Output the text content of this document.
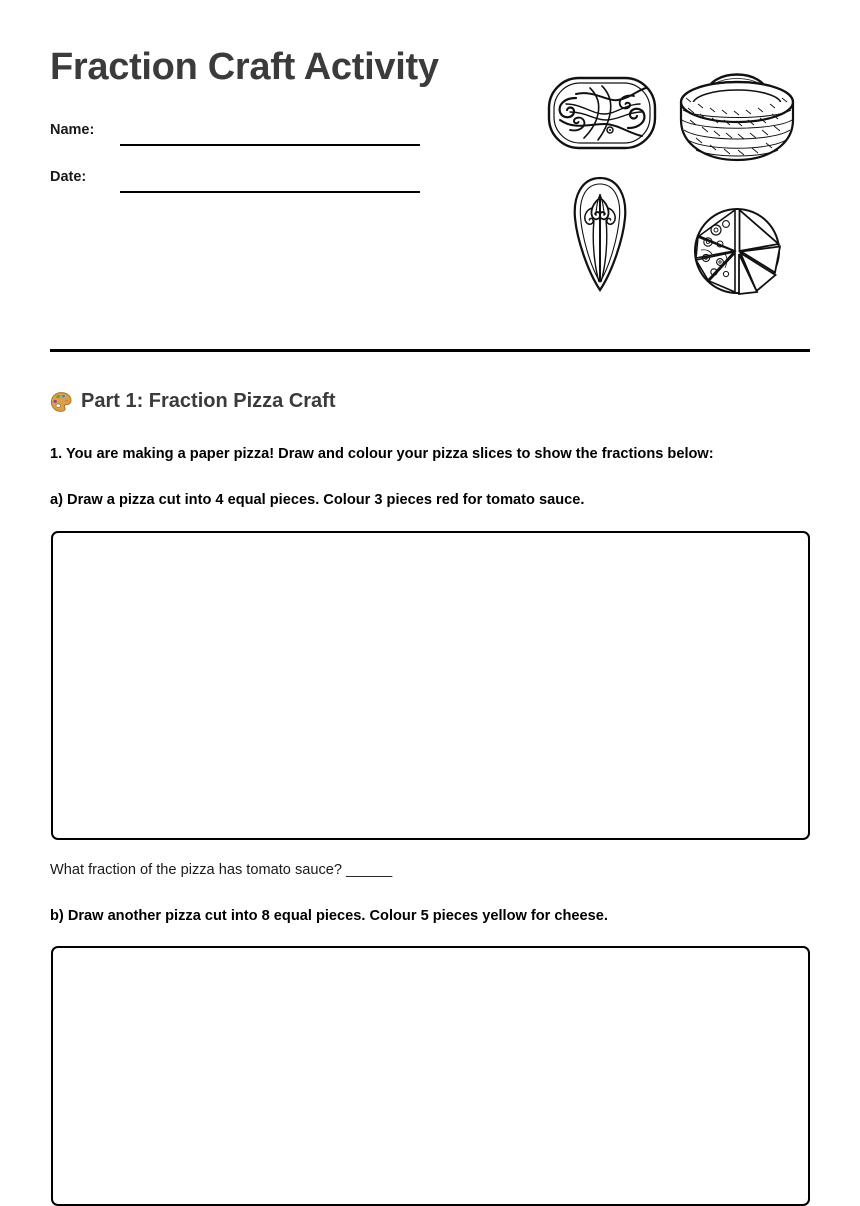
Fraction Craft Activity
Name:
Date:
Part 1: Fraction Pizza Craft
1. You are making a paper pizza! Draw and colour your pizza slices to show the fractions below:
a) Draw a pizza cut into 4 equal pieces. Colour 3 pieces red for tomato sauce.
What fraction of the pizza has tomato sauce? ______
b) Draw another pizza cut into 8 equal pieces. Colour 5 pieces yellow for cheese.
